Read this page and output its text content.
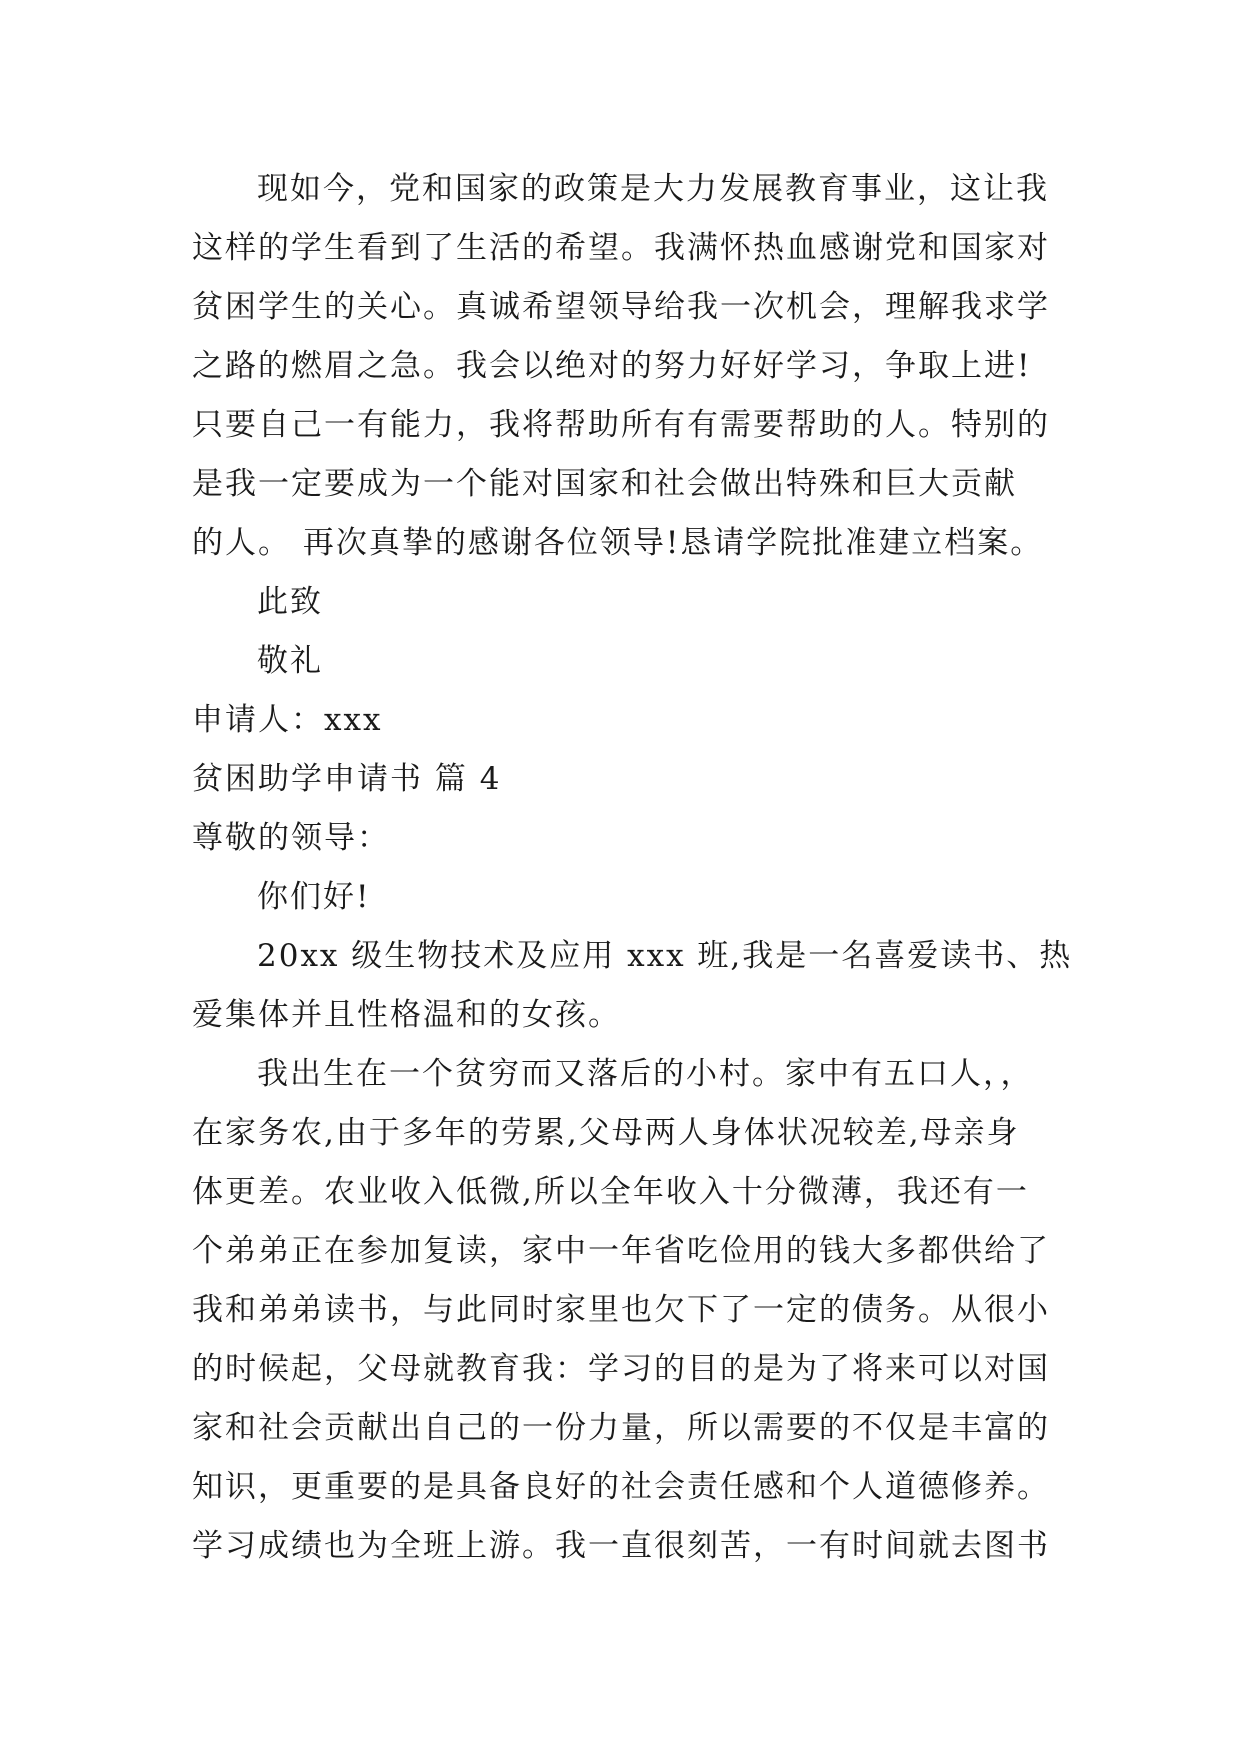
现如今，党和国家的政策是大力发展教育事业，这让我
这样的学生看到了生活的希望。我满怀热血感谢党和国家对
贫困学生的关心。真诚希望领导给我一次机会，理解我求学
之路的燃眉之急。我会以绝对的努力好好学习，争取上进!
只要自己一有能力，我将帮助所有有需要帮助的人。特别的
是我一定要成为一个能对国家和社会做出特殊和巨大贡献
的人。 再次真挚的感谢各位领导!恳请学院批准建立档案。
此致
敬礼
申请人：xxx
贫困助学申请书 篇 4
尊敬的领导：
你们好!
20xx 级生物技术及应用 xxx 班,我是一名喜爱读书、热
爱集体并且性格温和的女孩。
我出生在一个贫穷而又落后的小村。家中有五口人，，
在家务农,由于多年的劳累,父母两人身体状况较差,母亲身
体更差。农业收入低微,所以全年收入十分微薄，我还有一
个弟弟正在参加复读，家中一年省吃俭用的钱大多都供给了
我和弟弟读书，与此同时家里也欠下了一定的债务。从很小
的时候起，父母就教育我：学习的目的是为了将来可以对国
家和社会贡献出自己的一份力量，所以需要的不仅是丰富的
知识，更重要的是具备良好的社会责任感和个人道德修养。
学习成绩也为全班上游。我一直很刻苦，一有时间就去图书
